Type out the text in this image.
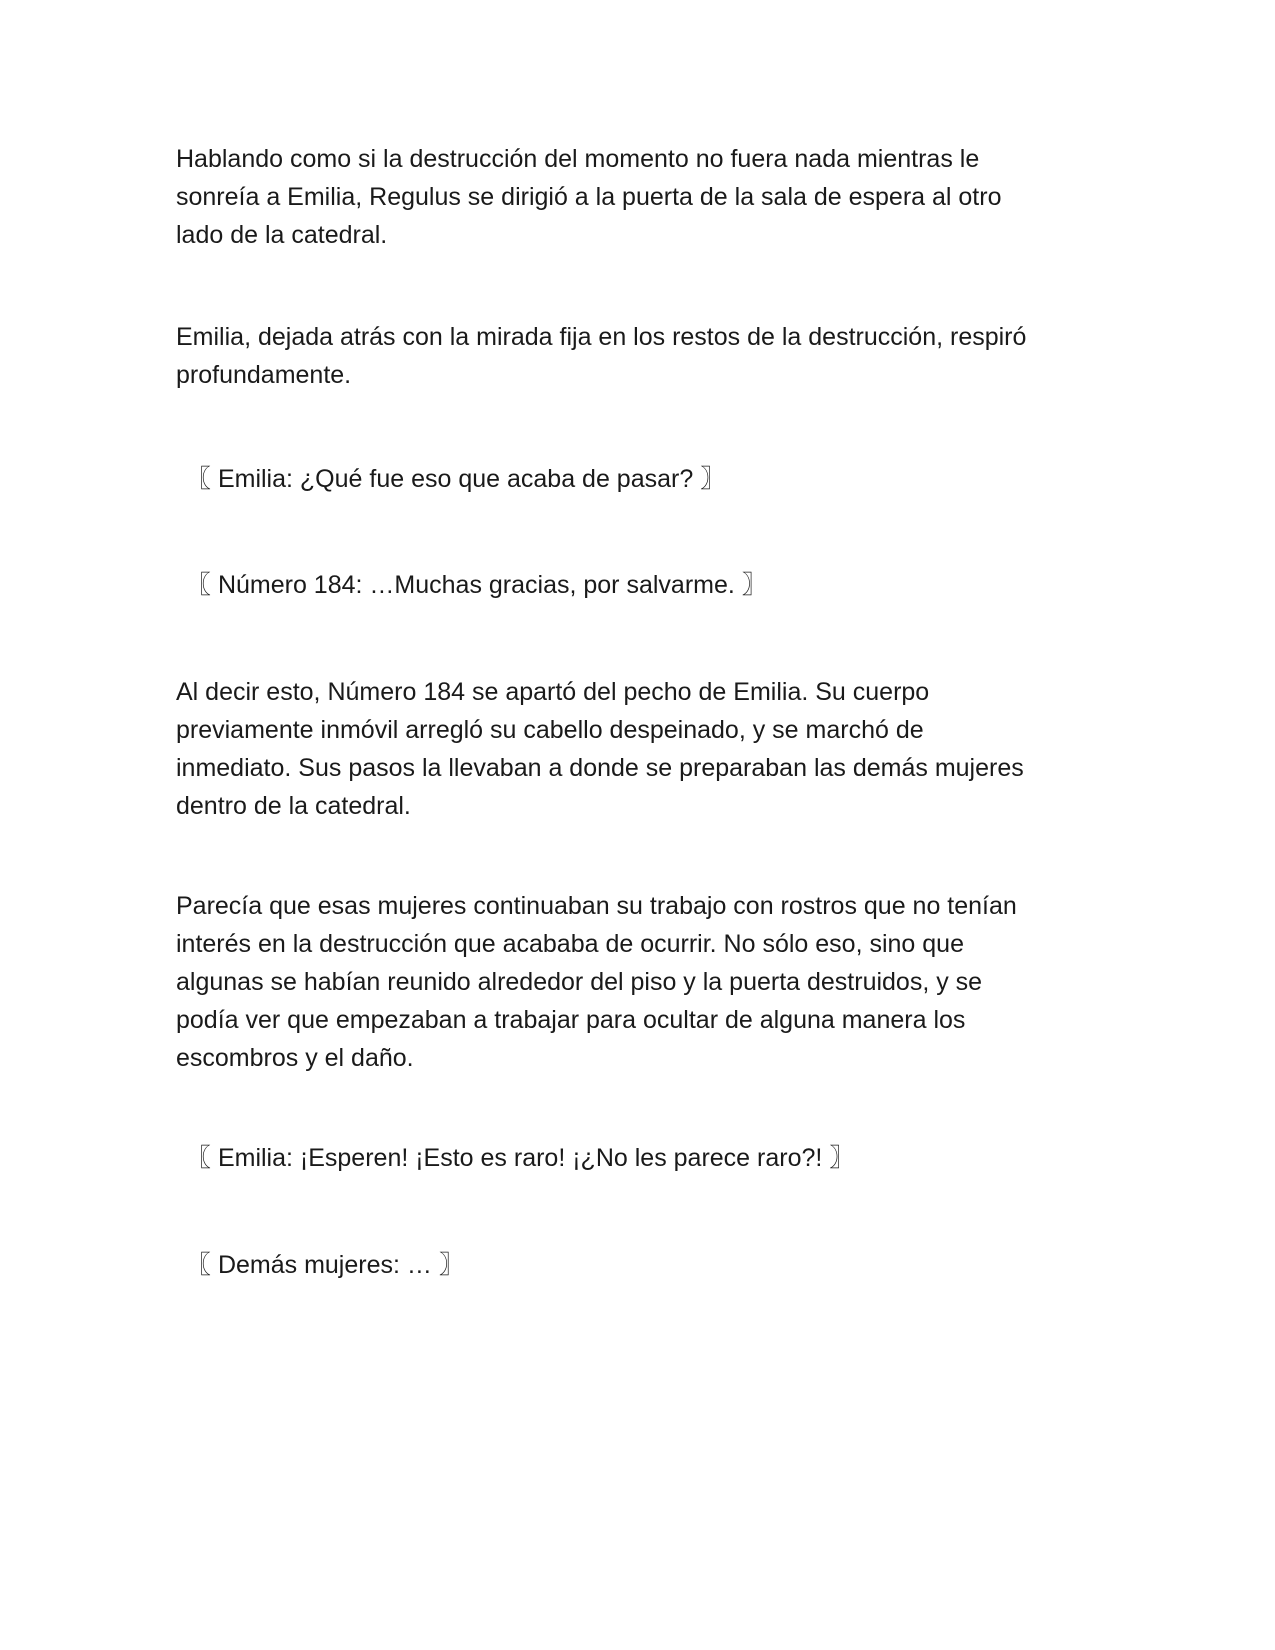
Hablando como si la destrucción del momento no fuera nada mientras le
sonreía a Emilia, Regulus se dirigió a la puerta de la sala de espera al otro
lado de la catedral.

Emilia, dejada atrás con la mirada fija en los restos de la destrucción, respiró
profundamente.

〖 Emilia: ¿Qué fue eso que acaba de pasar? 〗

〖 Número 184: …Muchas gracias, por salvarme. 〗

Al decir esto, Número 184 se apartó del pecho de Emilia. Su cuerpo
previamente inmóvil arregló su cabello despeinado, y se marchó de
inmediato. Sus pasos la llevaban a donde se preparaban las demás mujeres
dentro de la catedral.

Parecía que esas mujeres continuaban su trabajo con rostros que no tenían
interés en la destrucción que acababa de ocurrir. No sólo eso, sino que
algunas se habían reunido alrededor del piso y la puerta destruidos, y se
podía ver que empezaban a trabajar para ocultar de alguna manera los
escombros y el daño.

〖 Emilia: ¡Esperen! ¡Esto es raro! ¡¿No les parece raro?! 〗

〖 Demás mujeres: … 〗
